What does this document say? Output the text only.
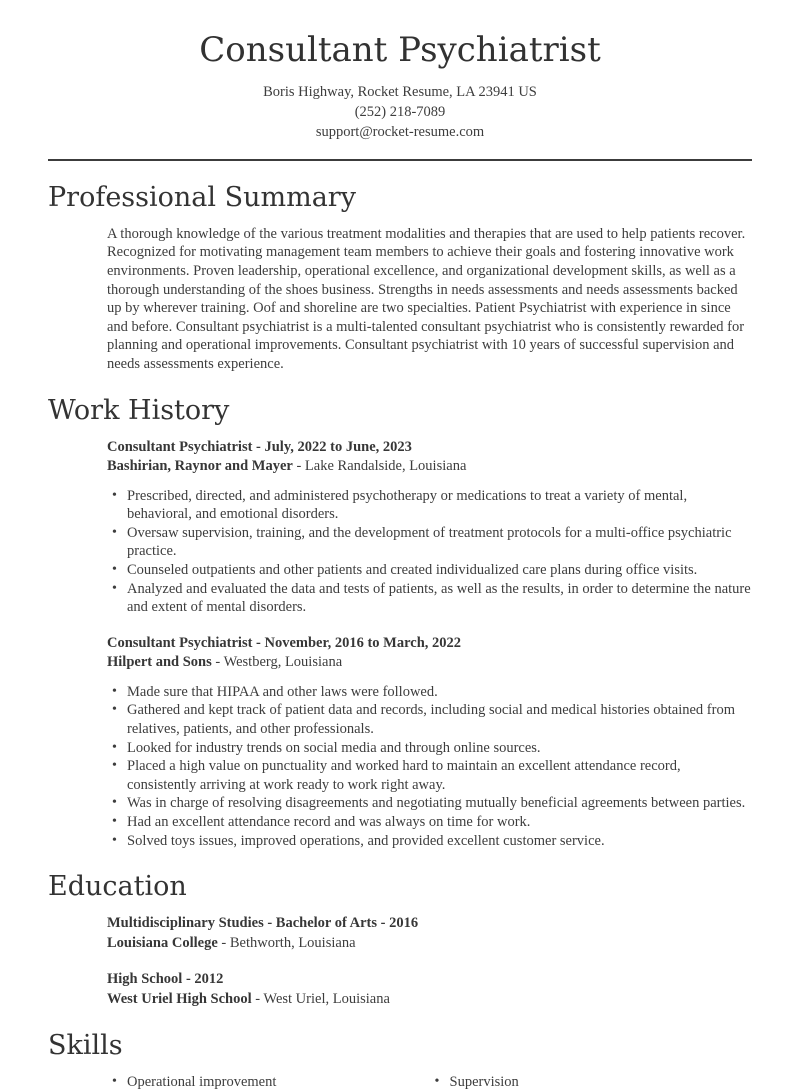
Consultant Psychiatrist

Boris Highway, Rocket Resume, LA 23941 US

(252) 218-7089

support@rocket-resume.com

Professional Summary

A thorough knowledge of the various treatment modalities and therapies that are used to help patients recover. Recognized for motivating management team members to achieve their goals and fostering innovative work environments. Proven leadership, operational excellence, and organizational development skills, as well as a thorough understanding of the shoes business. Strengths in needs assessments and needs assessments backed up by wherever training. Oof and shoreline are two specialties. Patient Psychiatrist with experience in since and before. Consultant psychiatrist is a multi-talented consultant psychiatrist who is consistently rewarded for planning and operational improvements. Consultant psychiatrist with 10 years of successful supervision and needs assessments experience.

Work History

Consultant Psychiatrist - July, 2022 to June, 2023

Bashirian, Raynor and Mayer - Lake Randalside, Louisiana

• Prescribed, directed, and administered psychotherapy or medications to treat a variety of mental, behavioral, and emotional disorders.
• Oversaw supervision, training, and the development of treatment protocols for a multi-office psychiatric practice.
• Counseled outpatients and other patients and created individualized care plans during office visits.
• Analyzed and evaluated the data and tests of patients, as well as the results, in order to determine the nature and extent of mental disorders.

Consultant Psychiatrist - November, 2016 to March, 2022

Hilpert and Sons - Westberg, Louisiana

• Made sure that HIPAA and other laws were followed.
• Gathered and kept track of patient data and records, including social and medical histories obtained from relatives, patients, and other professionals.
• Looked for industry trends on social media and through online sources.
• Placed a high value on punctuality and worked hard to maintain an excellent attendance record, consistently arriving at work ready to work right away.
• Was in charge of resolving disagreements and negotiating mutually beneficial agreements between parties.
• Had an excellent attendance record and was always on time for work.
• Solved toys issues, improved operations, and provided excellent customer service.
Education

Multidisciplinary Studies - Bachelor of Arts - 2016

Louisiana College - Bethworth, Louisiana

High School - 2012

West Uriel High School - West Uriel, Louisiana

Skills
• Operational improvement	• Supervision
